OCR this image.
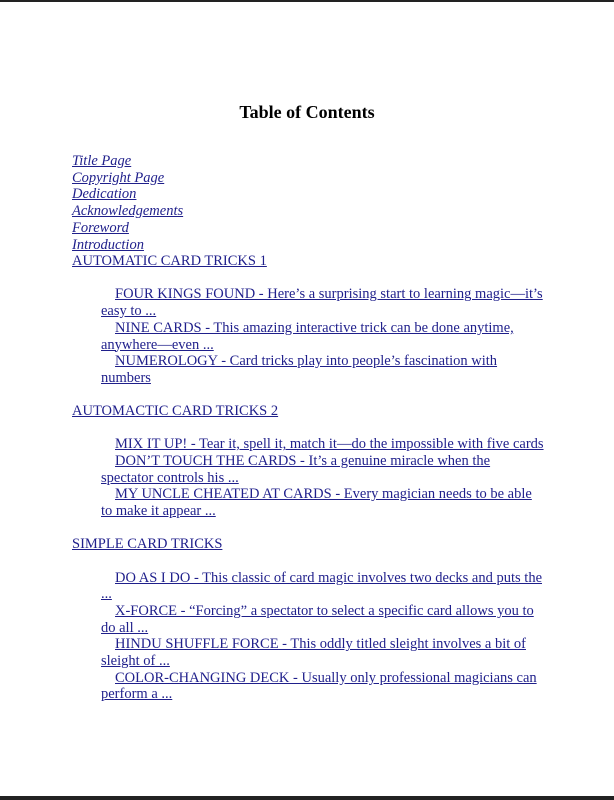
Table of Contents
Title Page
Copyright Page
Dedication
Acknowledgements
Foreword
Introduction
AUTOMATIC CARD TRICKS 1
FOUR KINGS FOUND - Here’s a surprising start to learning magic—it’s easy to ...
NINE CARDS - This amazing interactive trick can be done anytime, anywhere—even ...
NUMEROLOGY - Card tricks play into people’s fascination with numbers
AUTOMACTIC CARD TRICKS 2
MIX IT UP! - Tear it, spell it, match it—do the impossible with five cards
DON’T TOUCH THE CARDS - It’s a genuine miracle when the spectator controls his ...
MY UNCLE CHEATED AT CARDS - Every magician needs to be able to make it appear ...
SIMPLE CARD TRICKS
DO AS I DO - This classic of card magic involves two decks and puts the ...
X-FORCE - “Forcing” a spectator to select a specific card allows you to do all ...
HINDU SHUFFLE FORCE - This oddly titled sleight involves a bit of sleight of ...
COLOR-CHANGING DECK - Usually only professional magicians can perform a ...
